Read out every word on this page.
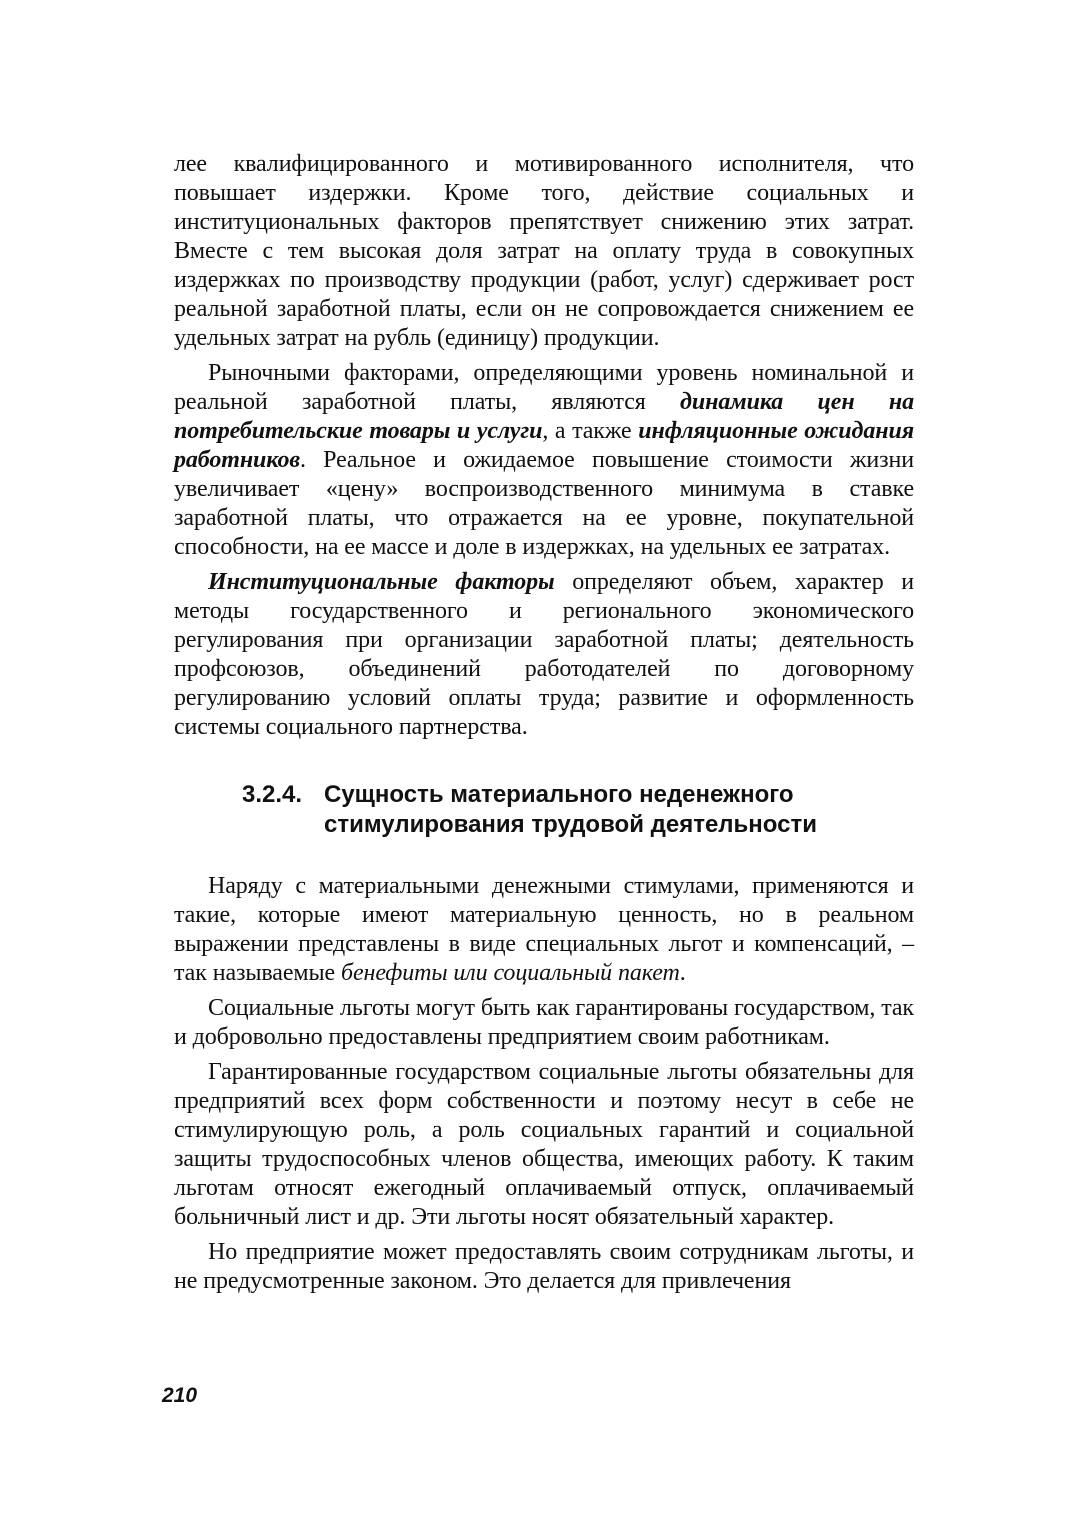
лее квалифицированного и мотивированного исполнителя, что повышает издержки. Кроме того, действие социальных и институциональных факторов препятствует снижению этих затрат. Вместе с тем высокая доля затрат на оплату труда в совокупных издержках по производству продукции (работ, услуг) сдерживает рост реальной заработной платы, если он не сопровождается снижением ее удельных затрат на рубль (единицу) продукции.

Рыночными факторами, определяющими уровень номинальной и реальной заработной платы, являются динамика цен на потребительские товары и услуги, а также инфляционные ожидания работников. Реальное и ожидаемое повышение стоимости жизни увеличивает «цену» воспроизводственного минимума в ставке заработной платы, что отражается на ее уровне, покупательной способности, на ее массе и доле в издержках, на удельных ее затратах.

Институциональные факторы определяют объем, характер и методы государственного и регионального экономического регулирования при организации заработной платы; деятельность профсоюзов, объединений работодателей по договорному регулированию условий оплаты труда; развитие и оформленность системы социального партнерства.

3.2.4. Сущность материального неденежного стимулирования трудовой деятельности

Наряду с материальными денежными стимулами, применяются и такие, которые имеют материальную ценность, но в реальном выражении представлены в виде специальных льгот и компенсаций, – так называемые бенефиты или социальный пакет.

Социальные льготы могут быть как гарантированы государством, так и добровольно предоставлены предприятием своим работникам.

Гарантированные государством социальные льготы обязательны для предприятий всех форм собственности и поэтому несут в себе не стимулирующую роль, а роль социальных гарантий и социальной защиты трудоспособных членов общества, имеющих работу. К таким льготам относят ежегодный оплачиваемый отпуск, оплачиваемый больничный лист и др. Эти льготы носят обязательный характер.

Но предприятие может предоставлять своим сотрудникам льготы, и не предусмотренные законом. Это делается для привлечения

210
